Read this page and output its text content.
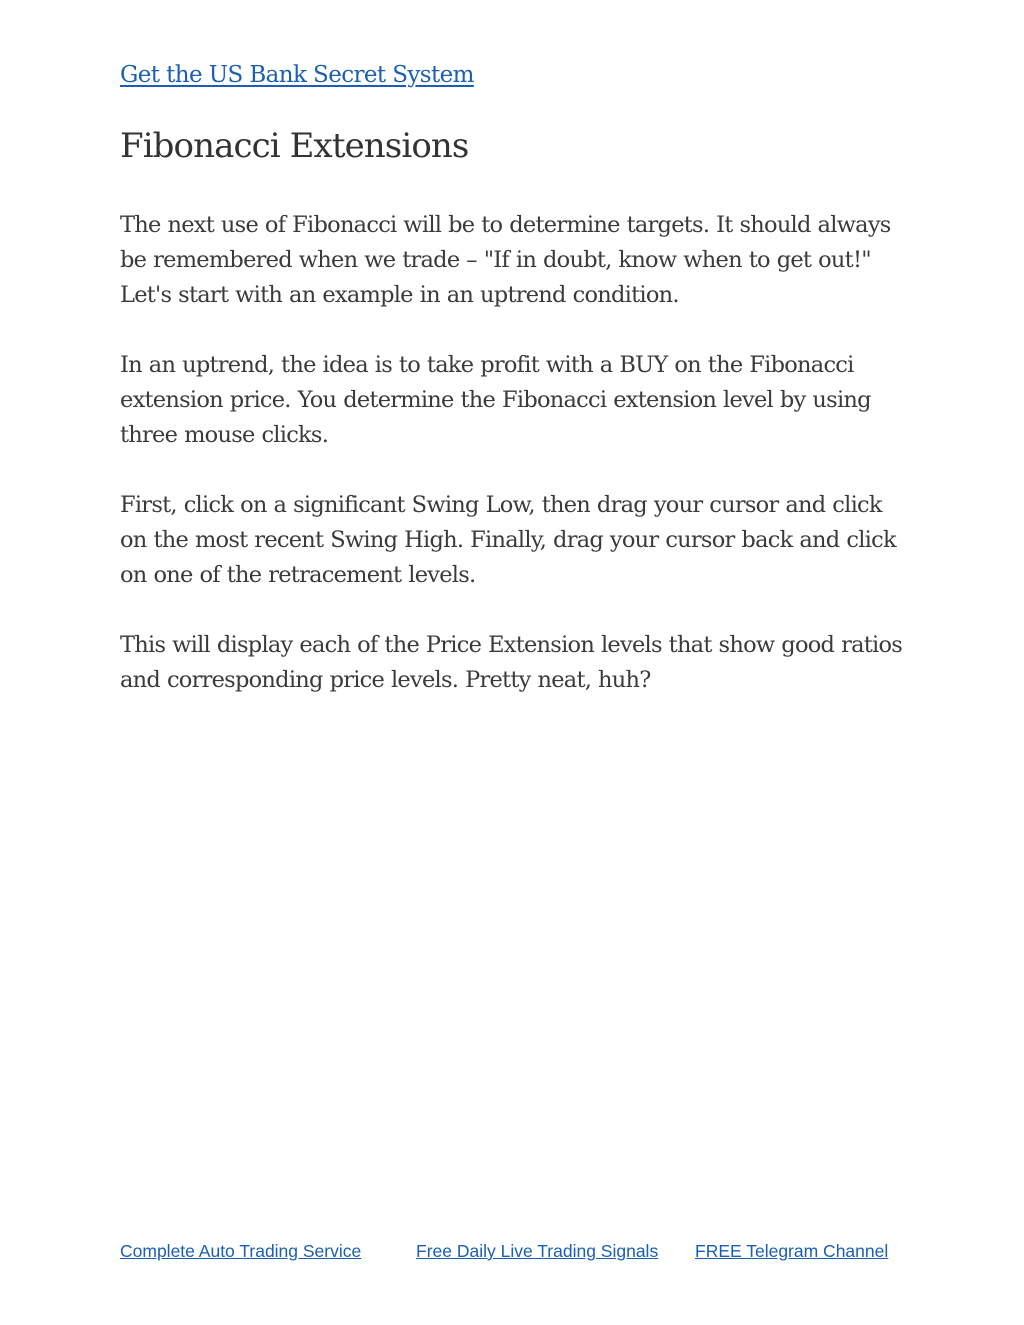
Get the US Bank Secret System
Fibonacci Extensions

The next use of Fibonacci will be to determine targets. It should always be remembered when we trade – "If in doubt, know when to get out!" Let's start with an example in an uptrend condition.

In an uptrend, the idea is to take profit with a BUY on the Fibonacci extension price. You determine the Fibonacci extension level by using three mouse clicks.

First, click on a significant Swing Low, then drag your cursor and click on the most recent Swing High. Finally, drag your cursor back and click on one of the retracement levels.

This will display each of the Price Extension levels that show good ratios and corresponding price levels. Pretty neat, huh?

Complete Auto Trading Service	Free Daily Live Trading Signals FREE Telegram Channel
